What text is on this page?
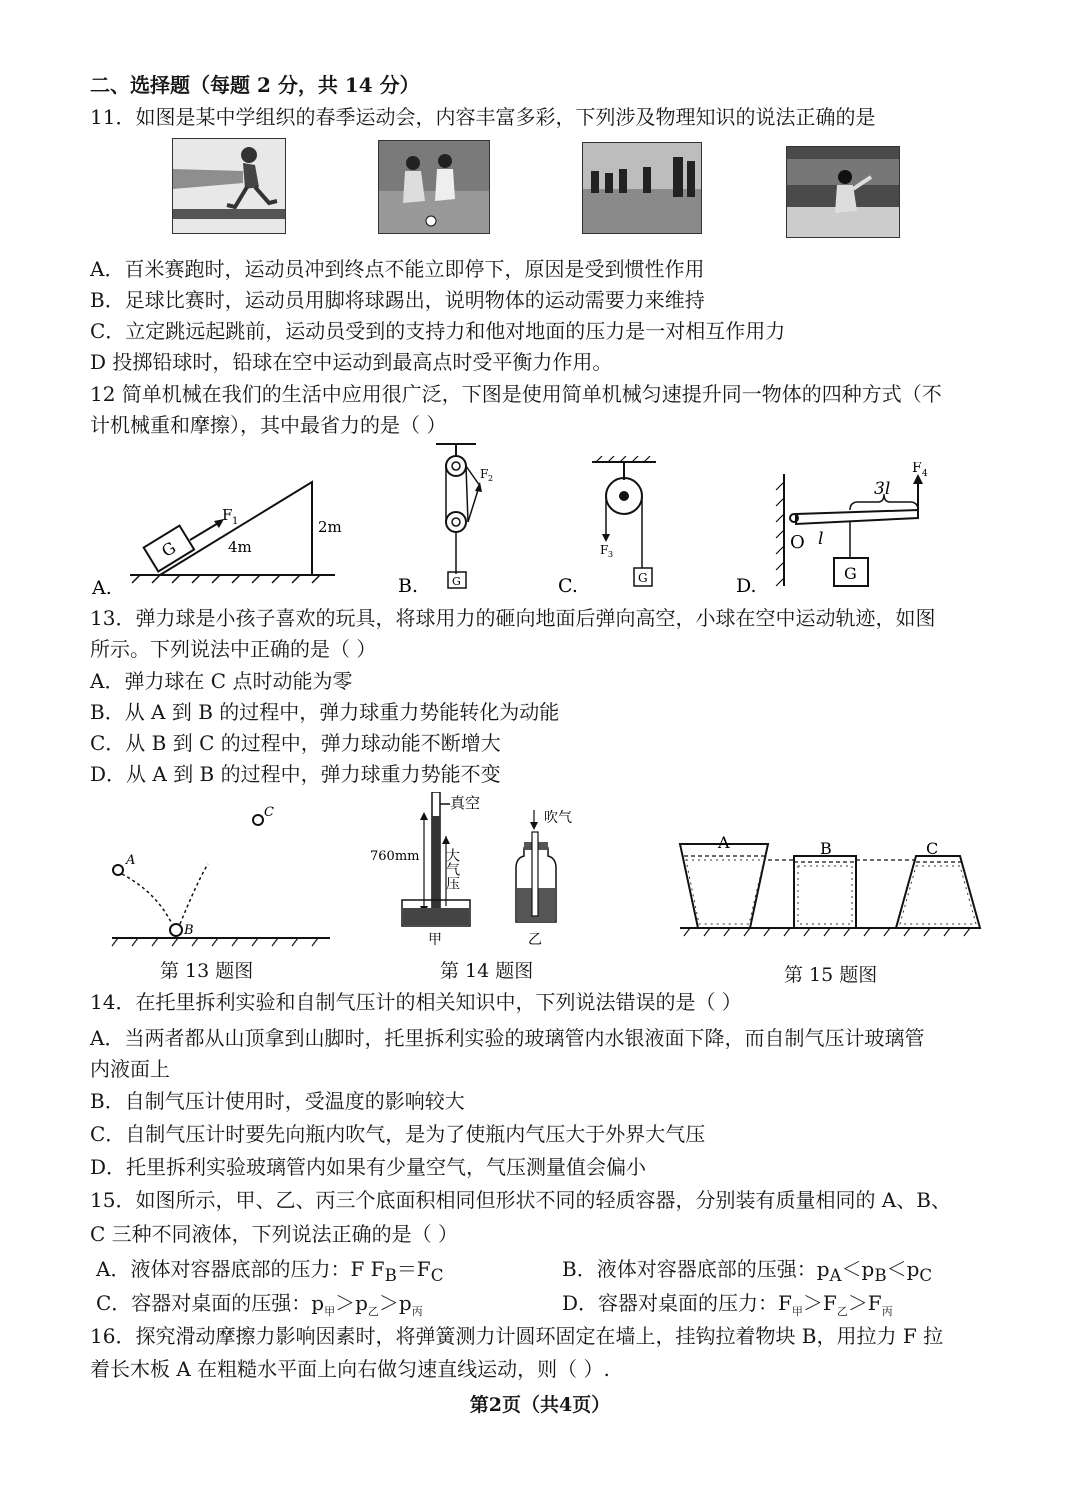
二、选择题（每题 2 分，共 14 分）
11．如图是某中学组织的春季运动会，内容丰富多彩，下列涉及物理知识的说法正确的是
A．百米赛跑时，运动员冲到终点不能立即停下，原因是受到惯性作用
B．足球比赛时，运动员用脚将球踢出，说明物体的运动需要力来维持
C．立定跳远起跳前，运动员受到的支持力和他对地面的压力是一对相互作用力
D 投掷铅球时，铅球在空中运动到最高点时受平衡力作用。
12 简单机械在我们的生活中应用很广泛，下图是使用简单机械匀速提升同一物体的四种方式（不
计机械重和摩擦），其中最省力的是（ ）
A.
G
F 1
4m
2m
B.
F 2
G	C.
F 3
G	D.
O l
G
3l
F 4
13．弹力球是小孩子喜欢的玩具，将球用力的砸向地面后弹向高空，小球在空中运动轨迹，如图
所示。下列说法中正确的是（ ）
A．弹力球在 C 点时动能为零
B．从 A 到 B 的过程中，弹力球重力势能转化为动能
C．从 B 到 C 的过程中，弹力球动能不断增大
D．从 A 到 B 的过程中，弹力球重力势能不变
A
B
C
第 13 题图
真空
760mm 大气压
甲
吹气
乙
第 14 题图
A	B	C
第 15 题图
14．在托里拆利实验和自制气压计的相关知识中，下列说法错误的是（ ）
A．当两者都从山顶拿到山脚时，托里拆利实验的玻璃管内水银液面下降，而自制气压计玻璃管
内液面上
B．自制气压计使用时，受温度的影响较大
C．自制气压计时要先向瓶内吹气，是为了使瓶内气压大于外界大气压
D．托里拆利实验玻璃管内如果有少量空气，气压测量值会偏小
15．如图所示，甲、乙、丙三个底面积相同但形状不同的轻质容器，分别装有质量相同的 A、B、
C 三种不同液体，下列说法正确的是（ ）
A．液体对容器底部的压力：F $F_B=F_C$	B．液体对容器底部的压强：$p_A<p_B<p_C$
C．容器对桌面的压强：$p_甲>p_乙>p_丙$	D．容器对桌面的压力：$F_甲>F_乙>F_丙$
16．探究滑动摩擦力影响因素时，将弹簧测力计圆环固定在墙上，挂钩拉着物块 B，用拉力 F 拉
着长木板 A 在粗糙水平面上向右做匀速直线运动，则（ ）.
第2页（共4页）
